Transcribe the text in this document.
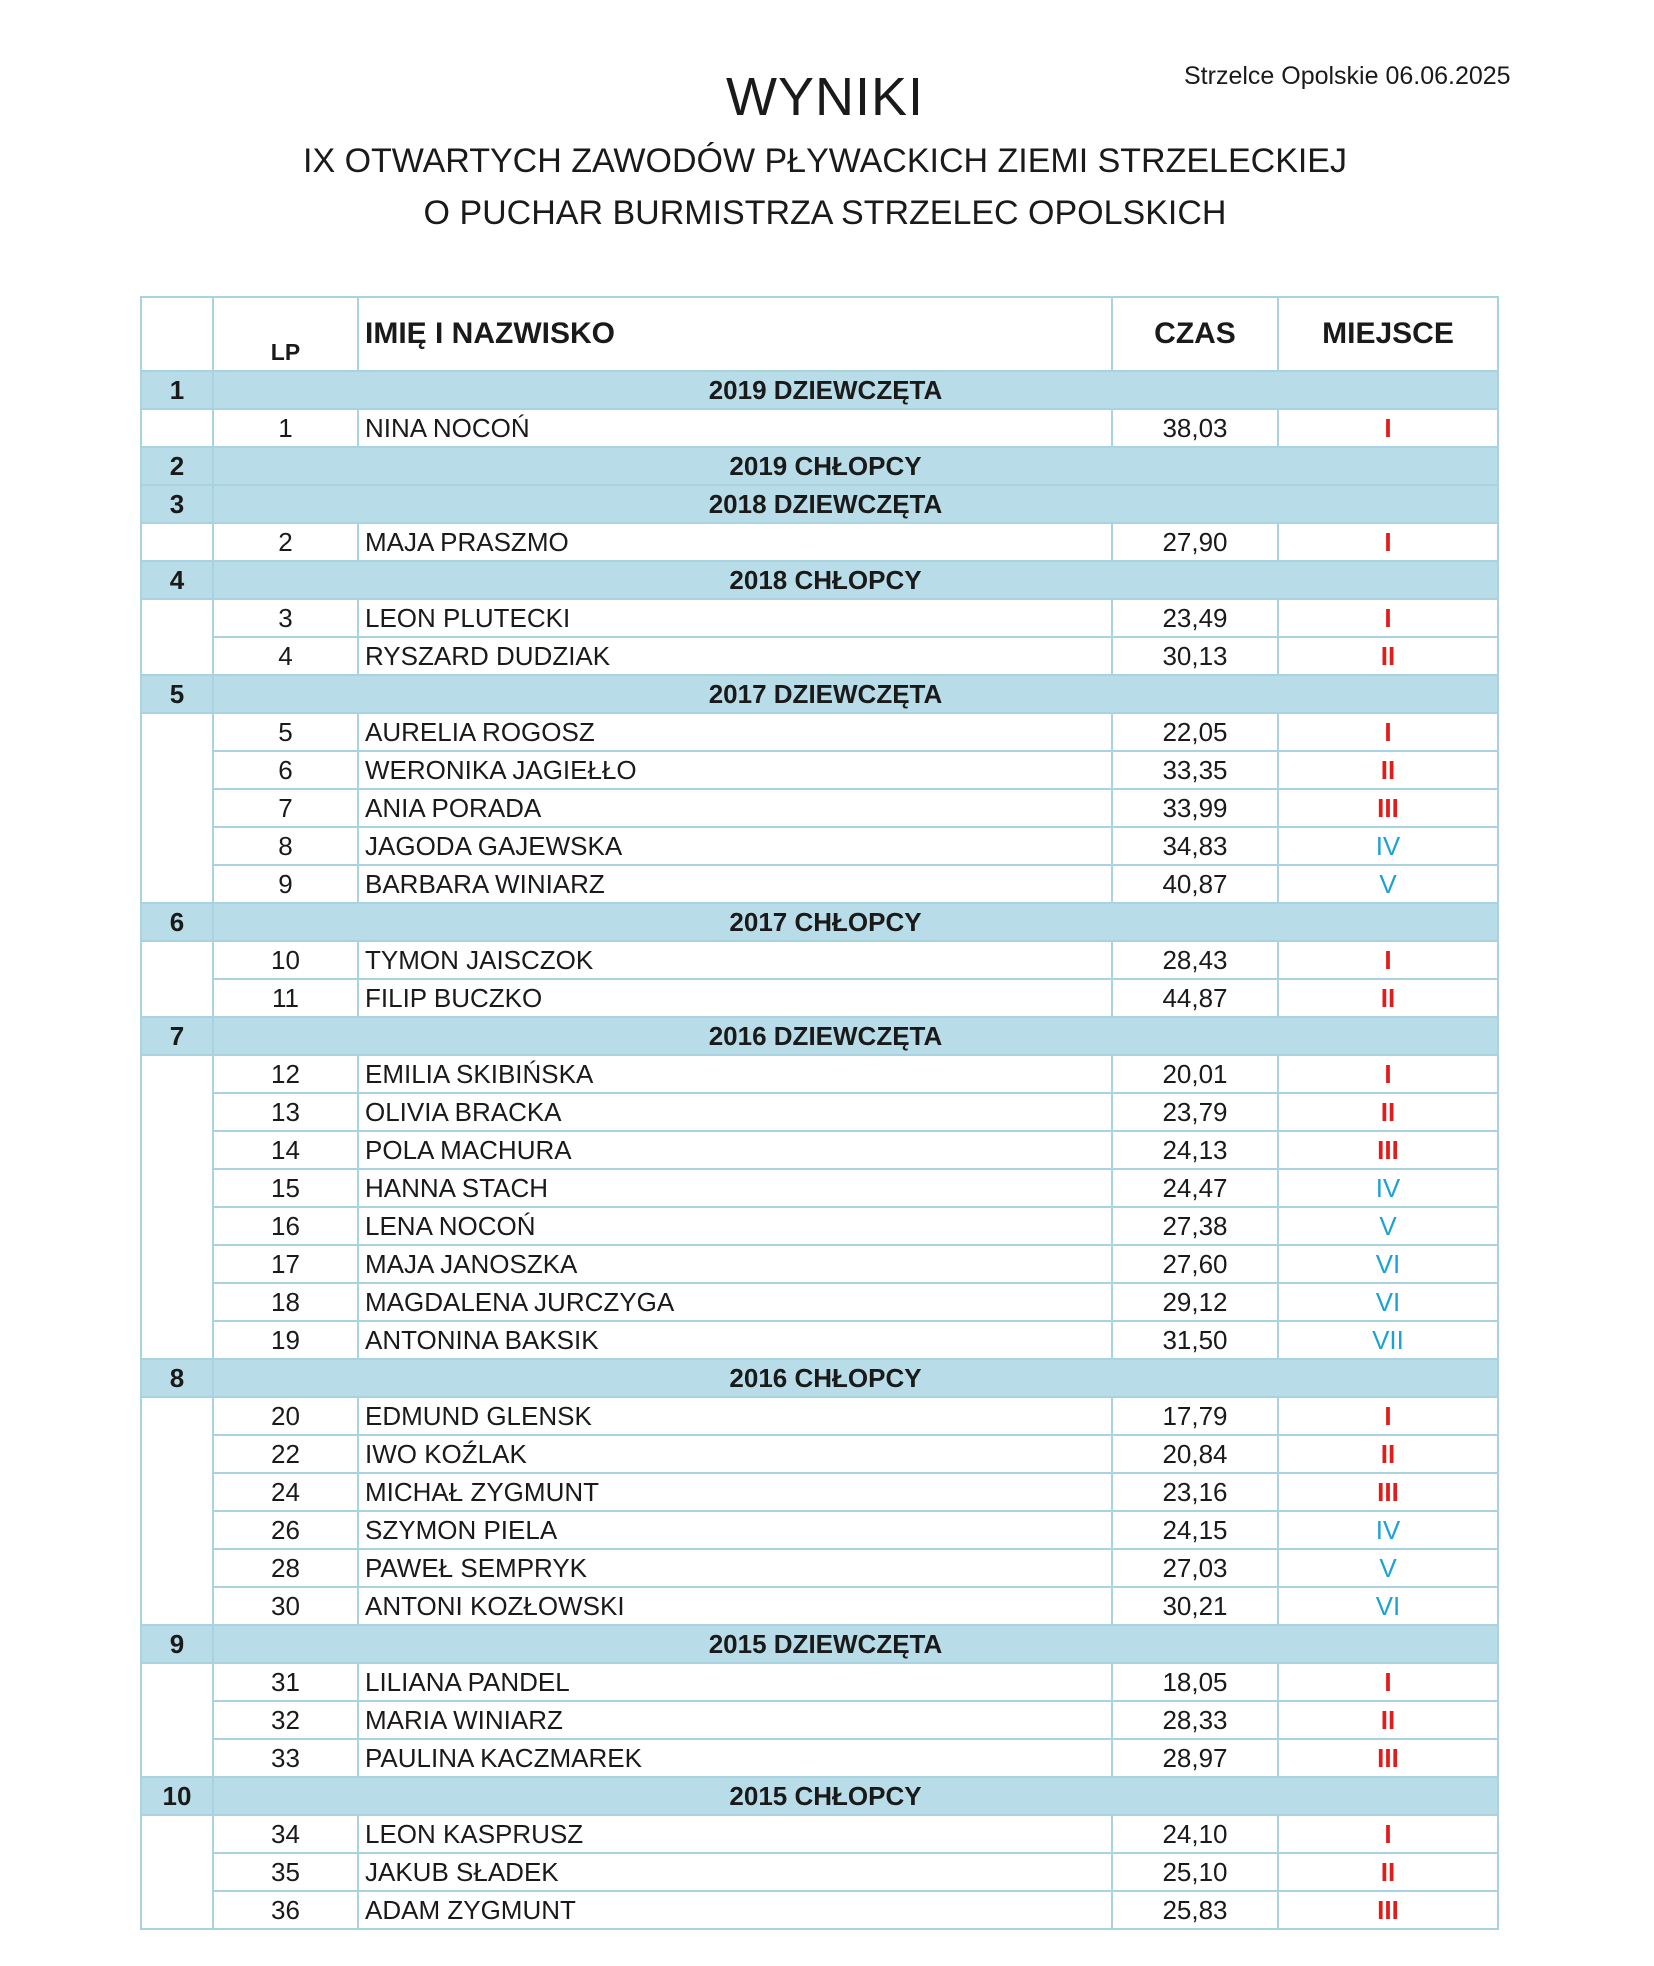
Strzelce Opolskie 06.06.2025
WYNIKI
IX OTWARTYCH ZAWODÓW PŁYWACKICH ZIEMI STRZELECKIEJ
O PUCHAR BURMISTRZA STRZELEC OPOLSKICH
	LP	IMIĘ I NAZWISKO	CZAS	MIEJSCE
1	2019 DZIEWCZĘTA			
	1	NINA NOCOŃ	38,03	I
2	2019 CHŁOPCY			
3	2018 DZIEWCZĘTA			
	2	MAJA PRASZMO	27,90	I
4	2018 CHŁOPCY			
	3	LEON PLUTECKI	23,49	I
	4	RYSZARD DUDZIAK	30,13	II
5	2017 DZIEWCZĘTA			
	5	AURELIA ROGOSZ	22,05	I
	6	WERONIKA JAGIEŁŁO	33,35	II
	7	ANIA PORADA	33,99	III
	8	JAGODA GAJEWSKA	34,83	IV
	9	BARBARA WINIARZ	40,87	V
6	2017 CHŁOPCY			
	10	TYMON JAISCZOK	28,43	I
	11	FILIP BUCZKO	44,87	II
7	2016 DZIEWCZĘTA			
	12	EMILIA SKIBIŃSKA	20,01	I
	13	OLIVIA BRACKA	23,79	II
	14	POLA MACHURA	24,13	III
	15	HANNA STACH	24,47	IV
	16	LENA NOCOŃ	27,38	V
	17	MAJA JANOSZKA	27,60	VI
	18	MAGDALENA JURCZYGA	29,12	VI
	19	ANTONINA BAKSIK	31,50	VII
8	2016 CHŁOPCY			
	20	EDMUND GLENSK	17,79	I
	22	IWO KOŹLAK	20,84	II
	24	MICHAŁ ZYGMUNT	23,16	III
	26	SZYMON PIELA	24,15	IV
	28	PAWEŁ SEMPRYK	27,03	V
	30	ANTONI KOZŁOWSKI	30,21	VI
9	2015 DZIEWCZĘTA			
	31	LILIANA PANDEL	18,05	I
	32	MARIA WINIARZ	28,33	II
	33	PAULINA KACZMAREK	28,97	III
10	2015 CHŁOPCY			
	34	LEON KASPRUSZ	24,10	I
	35	JAKUB SŁADEK	25,10	II
	36	ADAM ZYGMUNT	25,83	III
